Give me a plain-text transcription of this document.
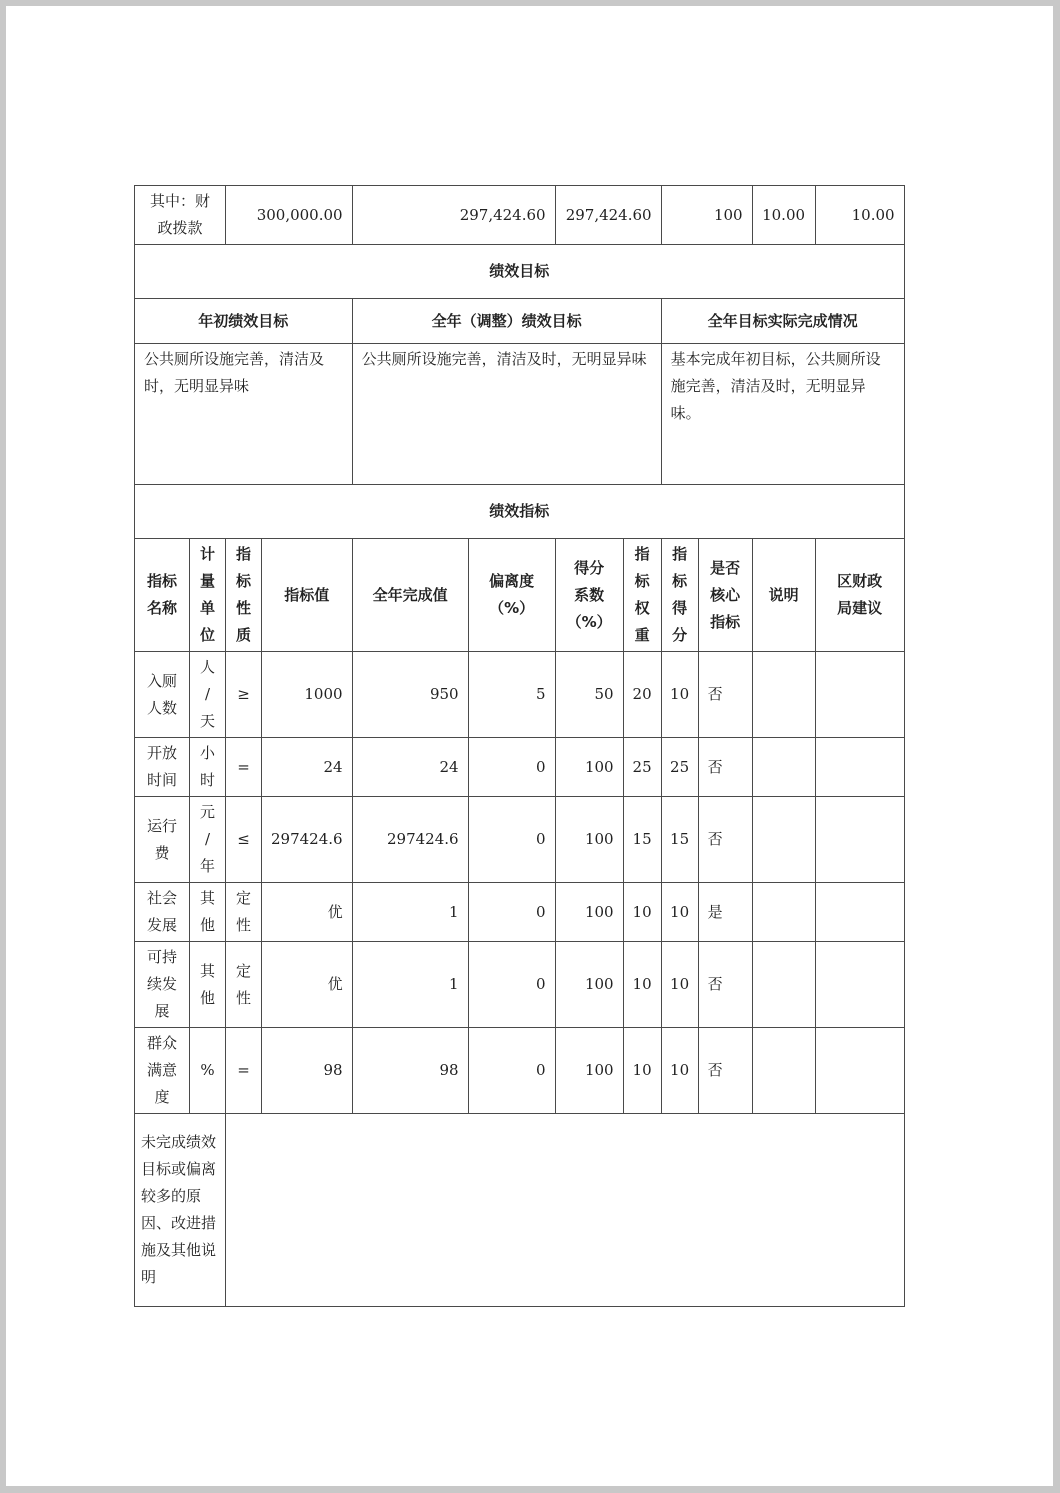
其中：财
政拨款		300,000.00		297,424.60		297,424.60		100		10.00	10.00
绩效目标											
年初绩效目标				全年（调整）绩效目标				全年目标实际完成情况			
公共厕所设施完善，清洁及时，无明显异味				公共厕所设施完善，清洁及时，无明显异味				基本完成年初目标，公共厕所设施完善，清洁及时，无明显异味。			
绩效指标											
指标
名称	计
量
单
位	指
标
性
质	指标值	全年完成值	偏离度
（%）	得分
系数
（%）	指
标
权
重	指
标
得
分	是否
核心
指标	说明	区财政
局建议
入厕
人数	人
/
天	≥	1000	950	5	50	20	10	否		
开放
时间	小
时	=	24	24	0	100	25	25	否		
运行
费	元
/
年	≤	297424.6	297424.6	0	100	15	15	否		
社会
发展	其
他	定
性	优	1	0	100	10	10	是		
可持
续发
展	其
他	定
性	优	1	0	100	10	10	否		
群众
满意
度	%	=	98	98	0	100	10	10	否		
未完成绩效目标或偏离较多的原因、改进措施及其他说明											
